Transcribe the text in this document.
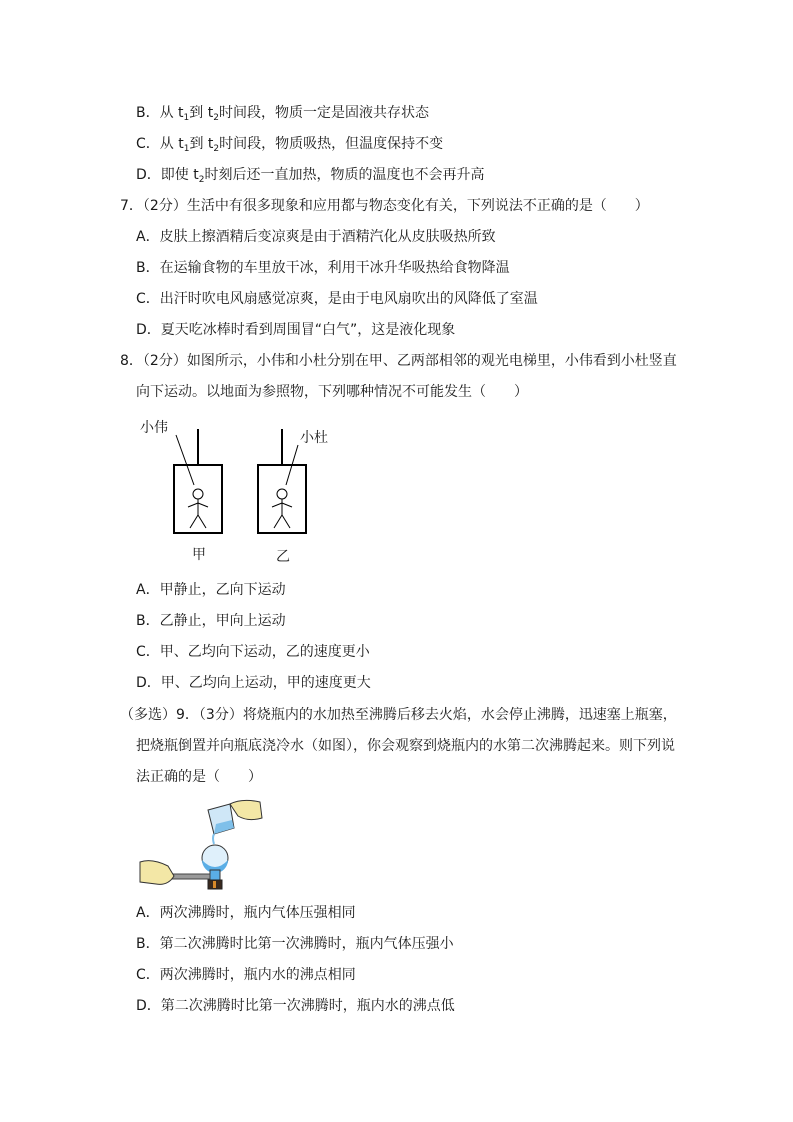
B．从 $t_1$到 $t_2$时间段，物质一定是固液共存状态
C．从 $t_1$到 $t_2$时间段，物质吸热，但温度保持不变
D．即使 $t_2$时刻后还一直加热，物质的温度也不会再升高
7．（2分）生活中有很多现象和应用都与物态变化有关，下列说法不正确的是（　　）
A．皮肤上擦酒精后变凉爽是由于酒精汽化从皮肤吸热所致
B．在运输食物的车里放干冰，利用干冰升华吸热给食物降温
C．出汗时吹电风扇感觉凉爽，是由于电风扇吹出的风降低了室温
D．夏天吃冰棒时看到周围冒“白气”，这是液化现象
8．（2分）如图所示，小伟和小杜分别在甲、乙两部相邻的观光电梯里，小伟看到小杜竖直
向下运动。以地面为参照物，下列哪种情况不可能发生（　　）
小伟
小杜
甲	乙
A．甲静止，乙向下运动
B．乙静止，甲向上运动
C．甲、乙均向下运动，乙的速度更小
D．甲、乙均向上运动，甲的速度更大
（多选）9．（3分）将烧瓶内的水加热至沸腾后移去火焰，水会停止沸腾，迅速塞上瓶塞，
把烧瓶倒置并向瓶底浇冷水（如图），你会观察到烧瓶内的水第二次沸腾起来。则下列说
法正确的是（　　）
A．两次沸腾时，瓶内气体压强相同
B．第二次沸腾时比第一次沸腾时，瓶内气体压强小
C．两次沸腾时，瓶内水的沸点相同
D．第二次沸腾时比第一次沸腾时，瓶内水的沸点低
